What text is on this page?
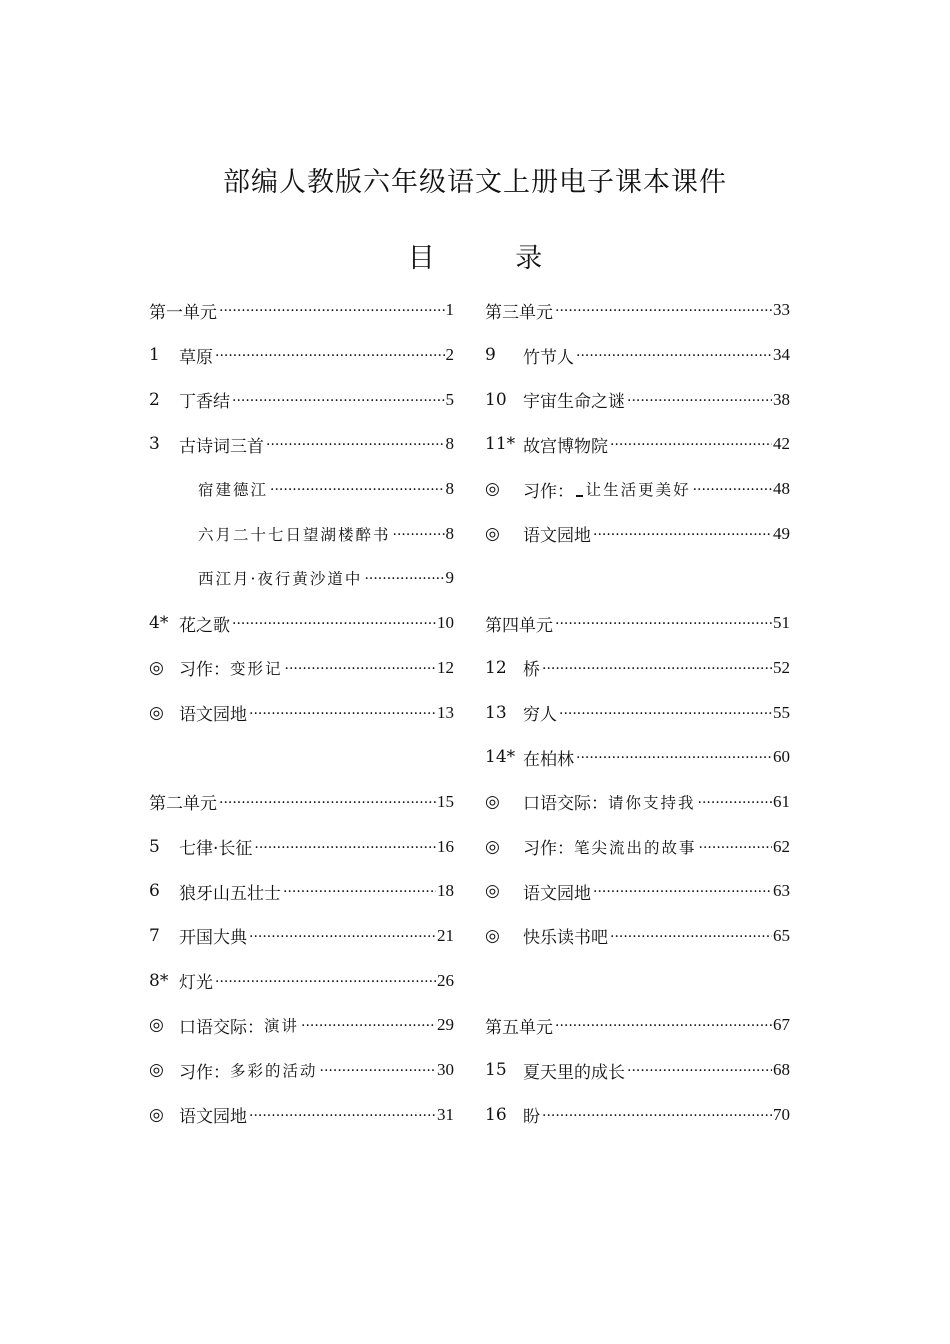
部编人教版六年级语文上册电子课本课件
目 录
第一单元 ·····	1
1	草原 ·····	2
2	丁香结 ·····	5
3	古诗词三首 ·····	8
宿建德江 ·····	8
六月二十七日望湖楼醉书 ·····	8
西江月·夜行黄沙道中 ·····	9
4* 花之歌 ·····	10
◎ 习作： 变形记 ·····	12
◎ 语文园地 ·····	13
第二单元 ·····	15
5	七律·长征 ·····	16
6	狼牙山五壮士 ·····	18
7	开国大典 ·····	21
8* 灯光 ·····	26
◎ 口语交际： 演讲 ·····	29
◎ 习作： 多彩的活动 ·····	30
◎ 语文园地 ·····	31
第三单元 ·····	33
9	竹节人 ·····	34
10 宇宙生命之谜 ·····	38
11* 故宫博物院 ·····	42
◎	习作： 让生活更美好 ·····	48
◎	语文园地 ·····	49
第四单元 ·····	51
12 桥 ·····	52
13 穷人 ·····	55
14* 在柏林 ·····	60
◎	口语交际： 请你支持我 ·····	61
◎	习作： 笔尖流出的故事 ·····	62
◎	语文园地 ·····	63
◎	快乐读书吧 ·····	65
第五单元 ·····	67
15 夏天里的成长 ·····	68
16 盼 ·····	70
